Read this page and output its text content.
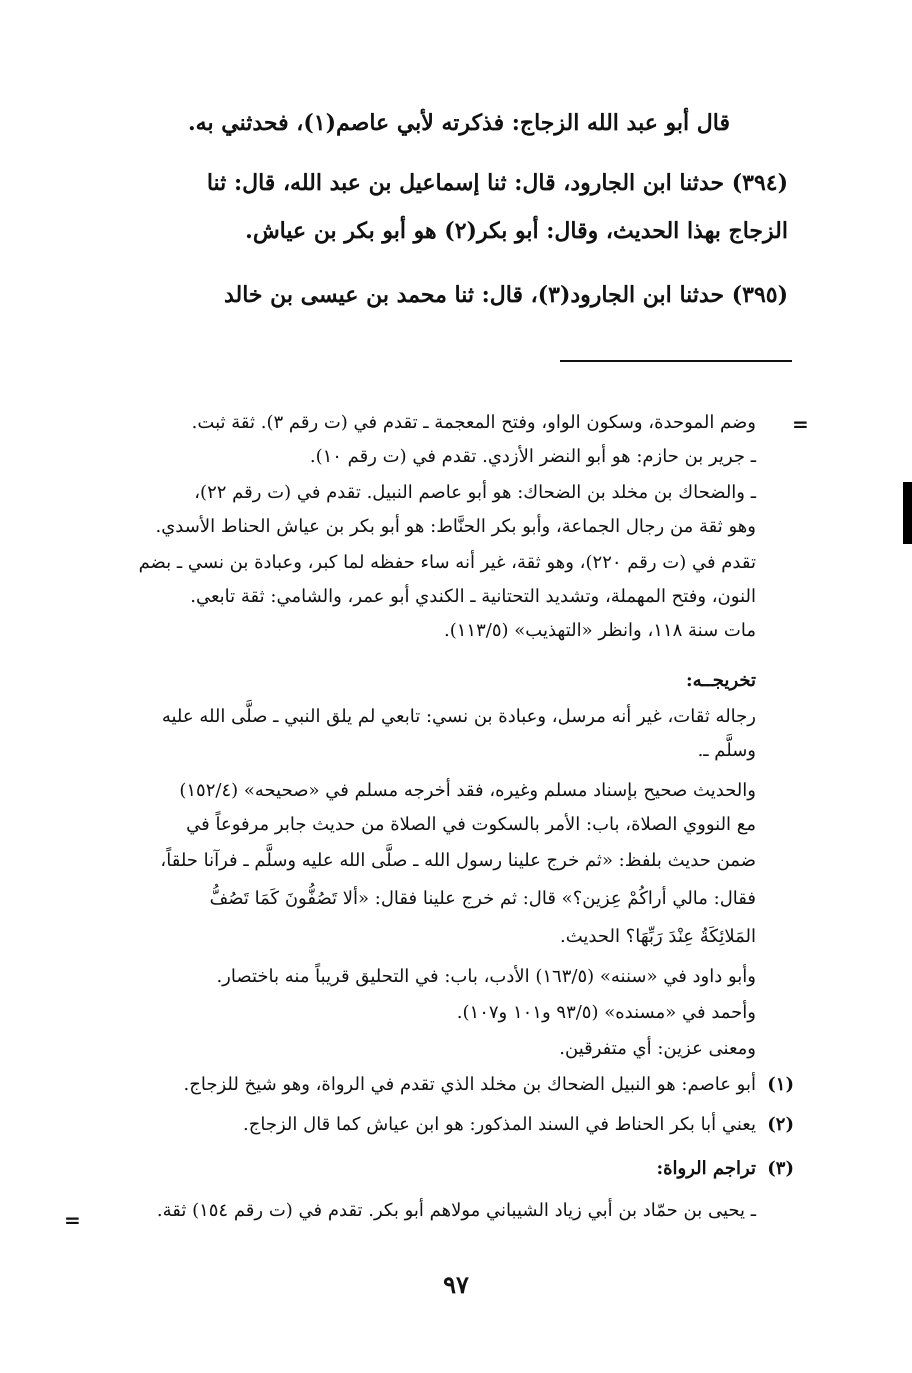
قال أبو عبد الله الزجاج: فذكرته لأبي عاصم(١)، فحدثني به.
(٣٩٤) حدثنا ابن الجارود، قال: ثنا إسماعيل بن عبد الله، قال: ثنا
الزجاج بهذا الحديث، وقال: أبو بكر(٢) هو أبو بكر بن عياش.
(٣٩٥) حدثنا ابن الجارود(٣)، قال: ثنا محمد بن عيسى بن خالد
=
وضم الموحدة، وسكون الواو، وفتح المعجمة ـ تقدم في (ت رقم ٣). ثقة ثبت.
ـ جرير بن حازم: هو أبو النضر الأزدي. تقدم في (ت رقم ١٠).
ـ والضحاك بن مخلد بن الضحاك: هو أبو عاصم النبيل. تقدم في (ت رقم ٢٢)،
وهو ثقة من رجال الجماعة، وأبو بكر الحنَّاط: هو أبو بكر بن عياش الحناط الأسدي.
تقدم في (ت رقم ٢٢٠)، وهو ثقة، غير أنه ساء حفظه لما كبر، وعبادة بن نسي ـ بضم
النون، وفتح المهملة، وتشديد التحتانية ـ الكندي أبو عمر، والشامي: ثقة تابعي.
مات سنة ١١٨، وانظر «التهذيب» (١١٣/٥).
تخريجــه:
رجاله ثقات، غير أنه مرسل، وعبادة بن نسي: تابعي لم يلق النبي ـ صلَّى الله عليه
وسلَّم ـ.
والحديث صحيح بإسناد مسلم وغيره، فقد أخرجه مسلم في «صحيحه» (١٥٢/٤)
مع النووي الصلاة، باب: الأمر بالسكوت في الصلاة من حديث جابر مرفوعاً في
ضمن حديث بلفظ: «ثم خرج علينا رسول الله ـ صلَّى الله عليه وسلَّم ـ فرآنا حلقاً،
فقال: مالي أراكُمْ عِزين؟» قال: ثم خرج علينا فقال: «ألا تَصُفُّونَ كَمَا تَصُفُّ
المَلائِكَةُ عِنْدَ رَبِّهَا؟ الحديث.
وأبو داود في «سننه» (١٦٣/٥) الأدب، باب: في التحليق قريباً منه باختصار.
وأحمد في «مسنده» (٩٣/٥ و١٠١ و١٠٧).
ومعنى عزين: أي متفرقين.
(١)
أبو عاصم: هو النبيل الضحاك بن مخلد الذي تقدم في الرواة، وهو شيخ للزجاج.
(٢)
يعني أبا بكر الحناط في السند المذكور: هو ابن عياش كما قال الزجاج.
(٣)
تراجم الرواة:
ـ يحيى بن حمّاد بن أبي زياد الشيباني مولاهم أبو بكر. تقدم في (ت رقم ١٥٤) ثقة.
=
٩٧
